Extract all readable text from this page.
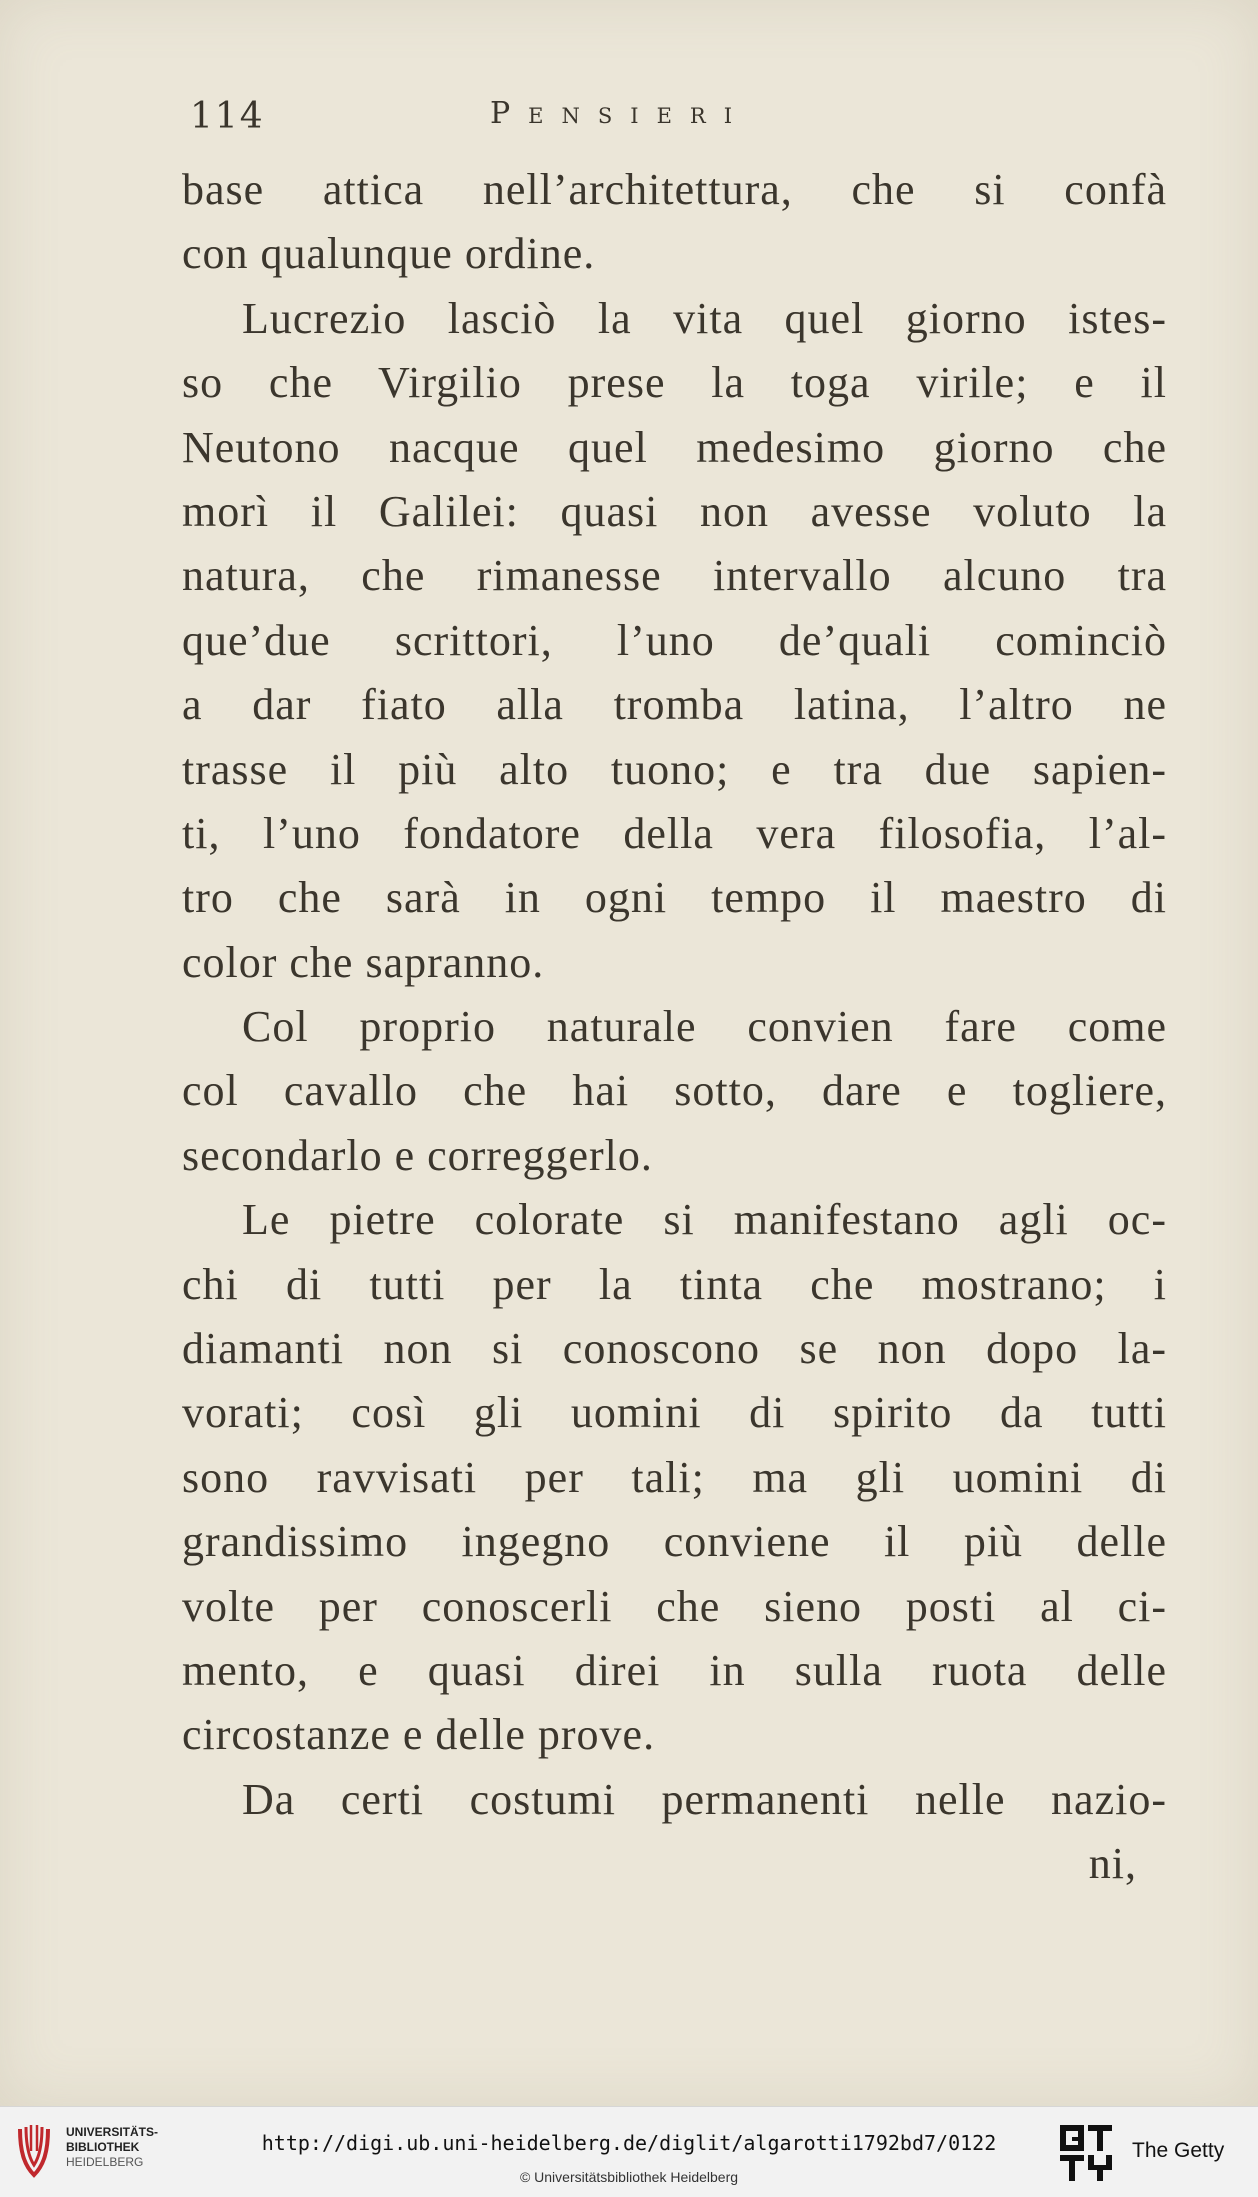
114	Pensieri
base attica nell’architettura, che si confà
con qualunque ordine.
Lucrezio lasciò la vita quel giorno istes-
so che Virgilio prese la toga virile; e il
Neutono nacque quel medesimo giorno che
morì il Galilei: quasi non avesse voluto la
natura, che rimanesse intervallo alcuno tra
que’due scrittori, l’uno de’quali cominciò
a dar fiato alla tromba latina, l’altro ne
trasse il più alto tuono; e tra due sapien-
ti, l’uno fondatore della vera filosofia, l’al-
tro che sarà in ogni tempo il maestro di
color che sapranno.
Col proprio naturale convien fare come
col cavallo che hai sotto, dare e togliere,
secondarlo e correggerlo.
Le pietre colorate si manifestano agli oc-
chi di tutti per la tinta che mostrano; i
diamanti non si conoscono se non dopo la-
vorati; così gli uomini di spirito da tutti
sono ravvisati per tali; ma gli uomini di
grandissimo ingegno conviene il più delle
volte per conoscerli che sieno posti al ci-
mento, e quasi direi in sulla ruota delle
circostanze e delle prove.
Da certi costumi permanenti nelle nazio-
ni,
UNIVERSITÄTS-
BIBLIOTHEK
HEIDELBERG
http://digi.ub.uni-heidelberg.de/diglit/algarotti1792bd7/0122
© Universitätsbibliothek Heidelberg
The Getty
